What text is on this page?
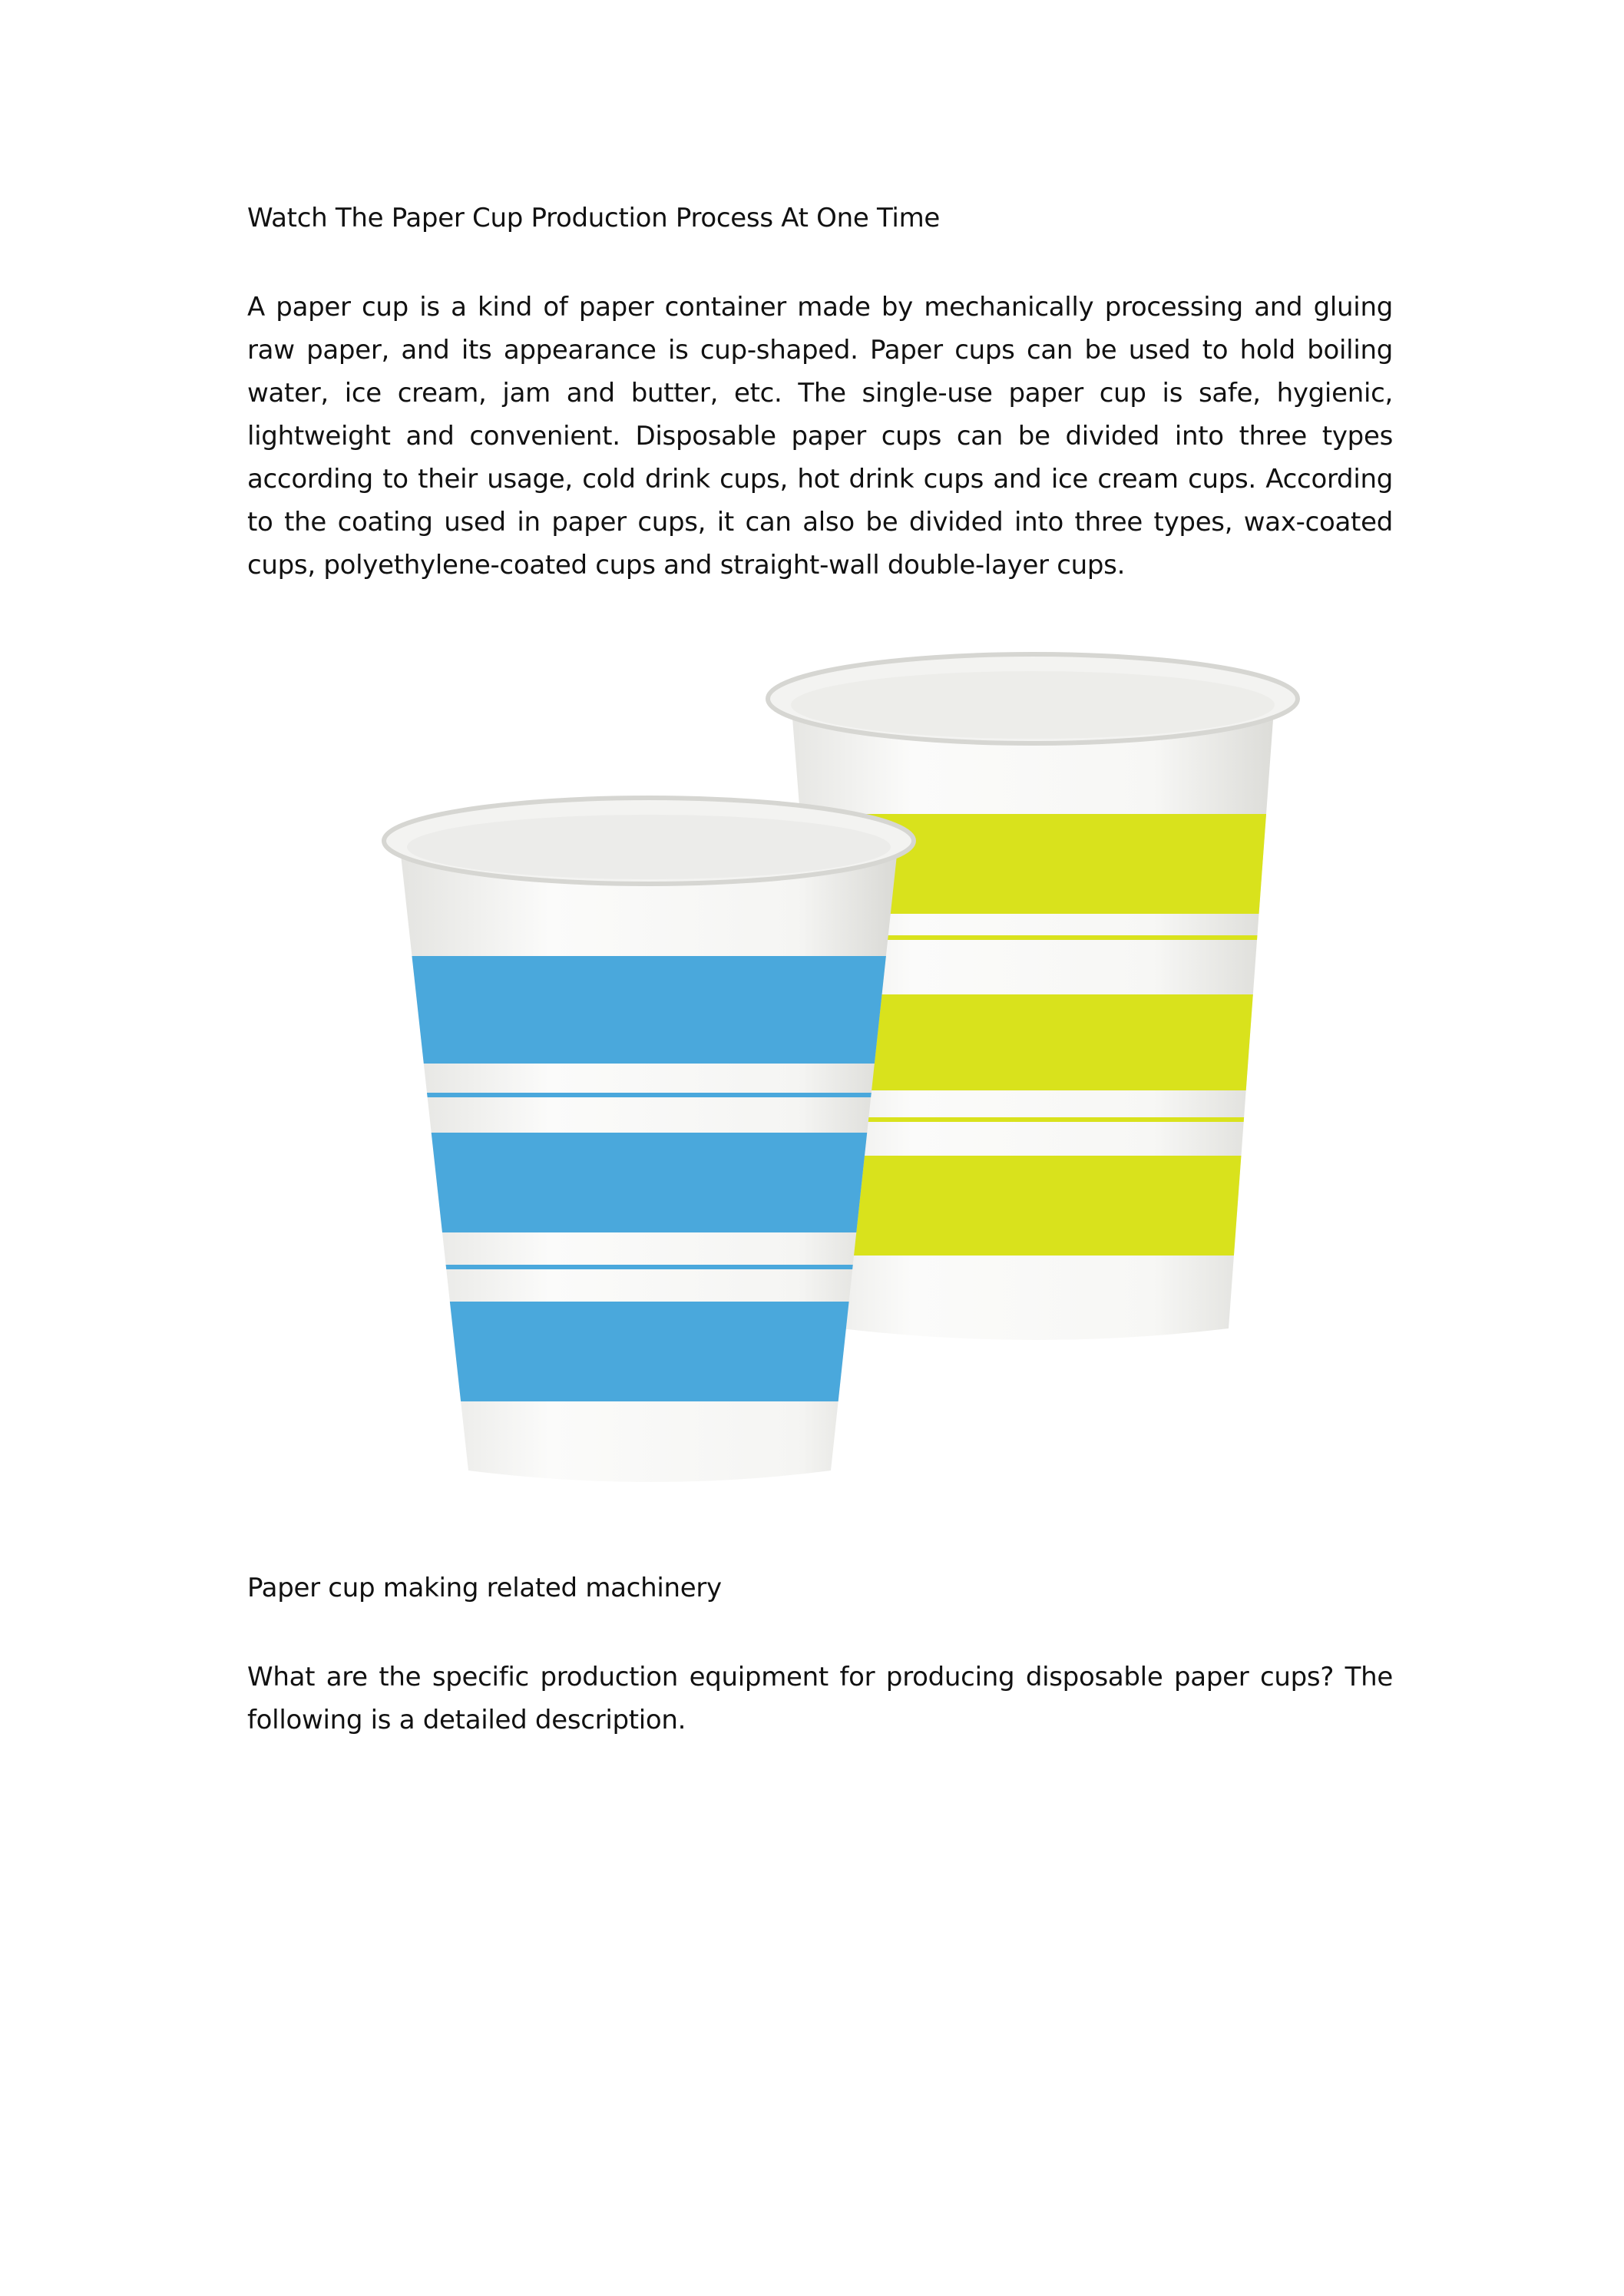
Watch The Paper Cup Production Process At One Time
A paper cup is a kind of paper container made by mechanically processing and gluing raw paper, and its appearance is cup-shaped. Paper cups can be used to hold boiling water, ice cream, jam and butter, etc. The single-use paper cup is safe, hygienic, lightweight and convenient. Disposable paper cups can be divided into three types according to their usage, cold drink cups, hot drink cups and ice cream cups. According to the coating used in paper cups, it can also be divided into three types, wax-coated cups, polyethylene-coated cups and straight-wall double-layer cups.
Paper cup making related machinery
What are the specific production equipment for producing disposable paper cups? The following is a detailed description.
